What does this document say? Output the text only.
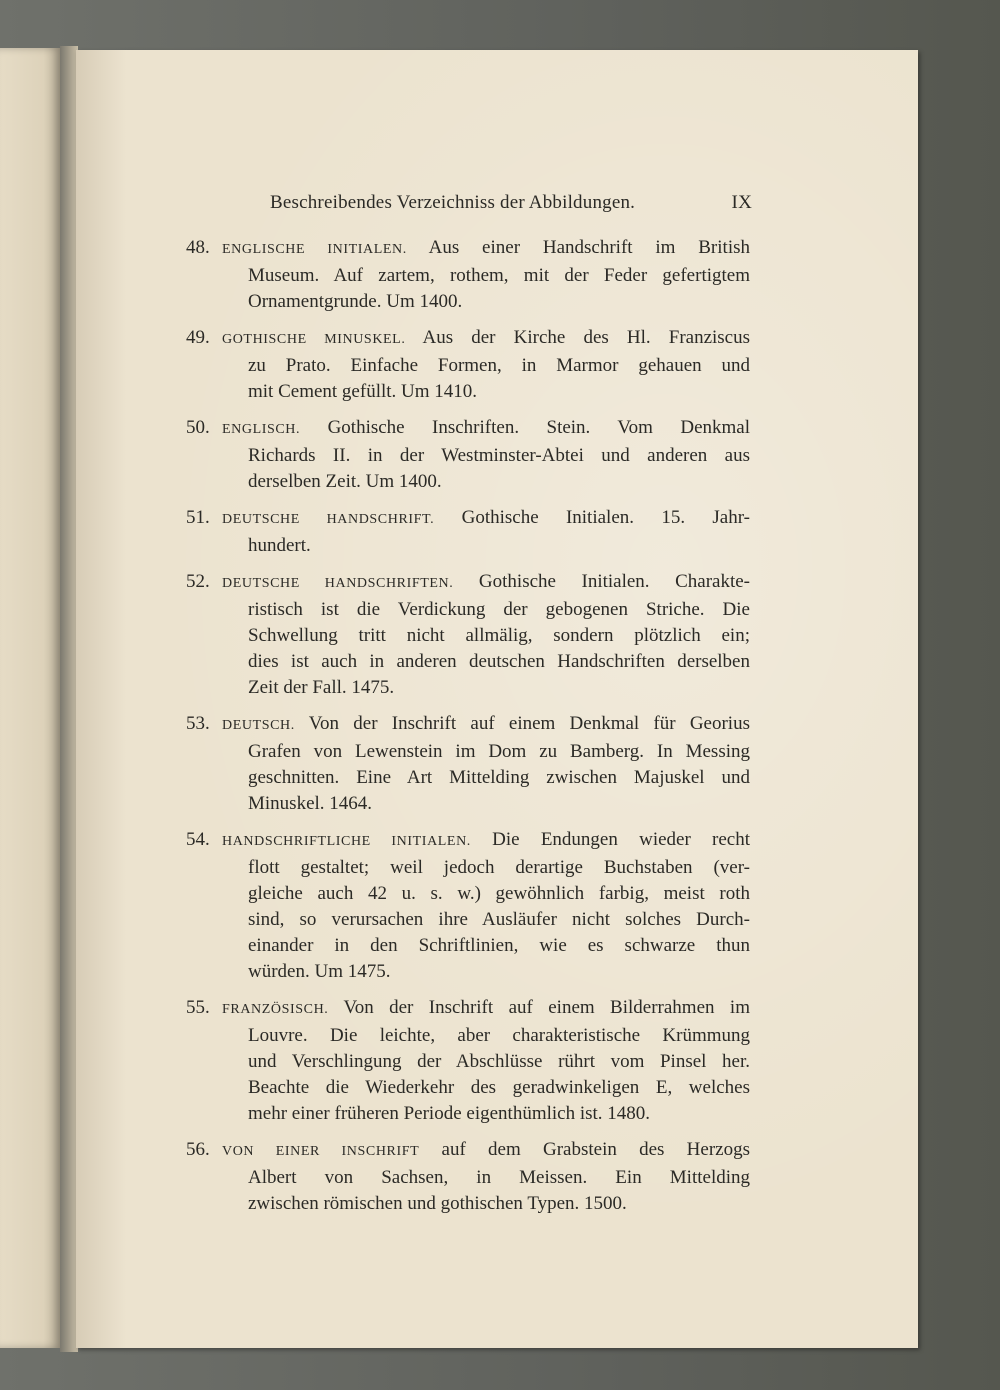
Beschreibendes Verzeichniss der Abbildungen.	IX
48. ENGLISCHE INITIALEN. Aus einer Handschrift im British
Museum. Auf zartem, rothem, mit der Feder gefertigtem
Ornamentgrunde. Um 1400.
49. GOTHISCHE MINUSKEL. Aus der Kirche des Hl. Franziscus
zu Prato. Einfache Formen, in Marmor gehauen und
mit Cement gefüllt. Um 1410.
50. ENGLISCH. Gothische Inschriften. Stein. Vom Denkmal
Richards II. in der Westminster-Abtei und anderen aus
derselben Zeit. Um 1400.
51. DEUTSCHE HANDSCHRIFT. Gothische Initialen. 15. Jahr-
hundert.
52. DEUTSCHE HANDSCHRIFTEN. Gothische Initialen. Charakte-
ristisch ist die Verdickung der gebogenen Striche. Die
Schwellung tritt nicht allmälig, sondern plötzlich ein;
dies ist auch in anderen deutschen Handschriften derselben
Zeit der Fall. 1475.
53. DEUTSCH. Von der Inschrift auf einem Denkmal für Georius
Grafen von Lewenstein im Dom zu Bamberg. In Messing
geschnitten. Eine Art Mittelding zwischen Majuskel und
Minuskel. 1464.
54. HANDSCHRIFTLICHE INITIALEN. Die Endungen wieder recht
flott gestaltet; weil jedoch derartige Buchstaben (ver-
gleiche auch 42 u. s. w.) gewöhnlich farbig, meist roth
sind, so verursachen ihre Ausläufer nicht solches Durch-
einander in den Schriftlinien, wie es schwarze thun
würden. Um 1475.
55. FRANZÖSISCH. Von der Inschrift auf einem Bilderrahmen im
Louvre. Die leichte, aber charakteristische Krümmung
und Verschlingung der Abschlüsse rührt vom Pinsel her.
Beachte die Wiederkehr des geradwinkeligen E, welches
mehr einer früheren Periode eigenthümlich ist. 1480.
56. VON EINER INSCHRIFT auf dem Grabstein des Herzogs
Albert von Sachsen, in Meissen. Ein Mittelding
zwischen römischen und gothischen Typen. 1500.
